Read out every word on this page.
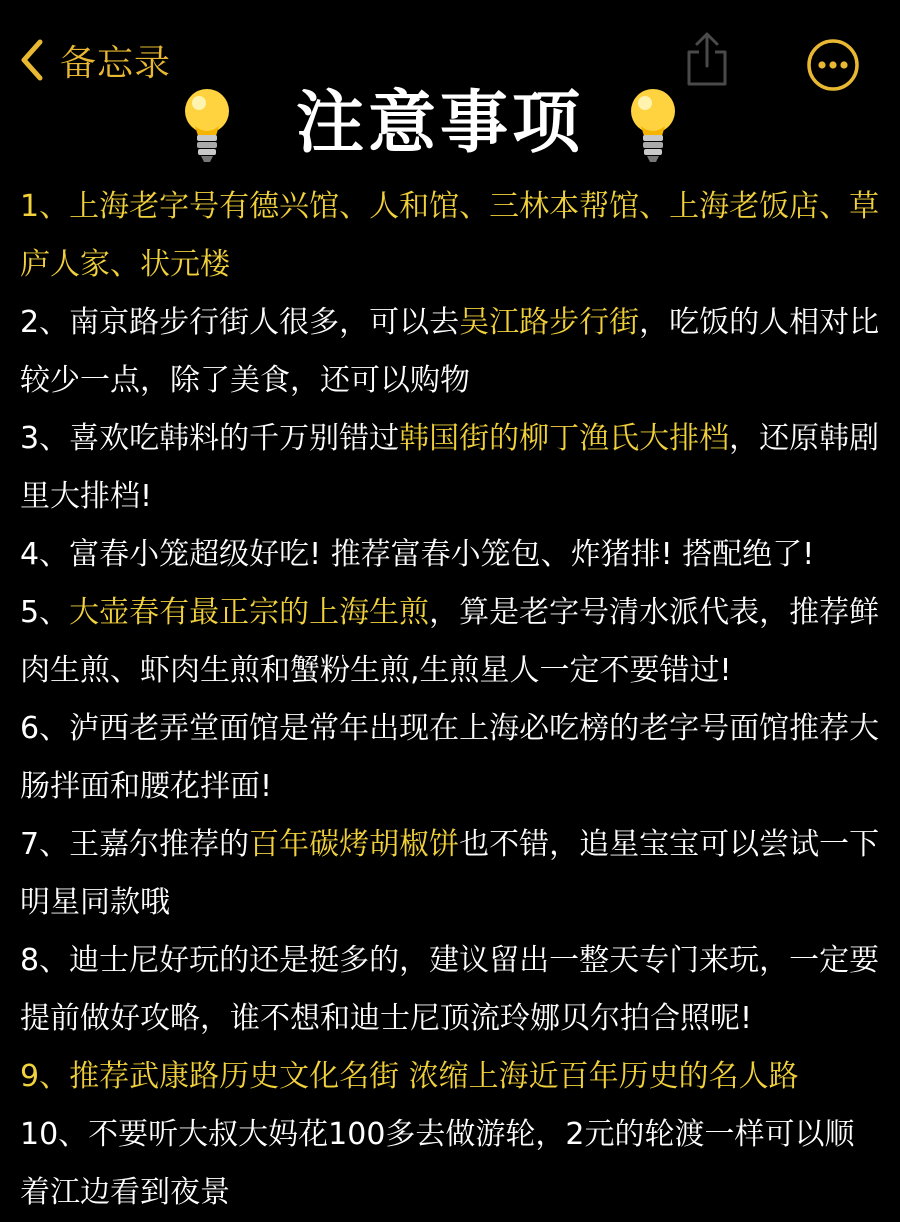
备忘录
注意事项

1、上海老字号有德兴馆、人和馆、三林本帮馆、上海老饭店、草庐人家、状元楼

2、南京路步行街人很多，可以去吴江路步行街，吃饭的人相对比较少一点，除了美食，还可以购物

3、喜欢吃韩料的千万别错过韩国街的柳丁渔氏大排档，还原韩剧里大排档!

4、富春小笼超级好吃! 推荐富春小笼包、炸猪排! 搭配绝了!

5、大壶春有最正宗的上海生煎，算是老字号清水派代表，推荐鲜肉生煎、虾肉生煎和蟹粉生煎,生煎星人一定不要错过!

6、泸西老弄堂面馆是常年出现在上海必吃榜的老字号面馆推荐大肠拌面和腰花拌面!

7、王嘉尔推荐的百年碳烤胡椒饼也不错，追星宝宝可以尝试一下明星同款哦

8、迪士尼好玩的还是挺多的，建议留出一整天专门来玩，一定要提前做好攻略，谁不想和迪士尼顶流玲娜贝尔拍合照呢!

9、推荐武康路历史文化名街 浓缩上海近百年历史的名人路

10、不要听大叔大妈花100多去做游轮，2元的轮渡一样可以顺着江边看到夜景
